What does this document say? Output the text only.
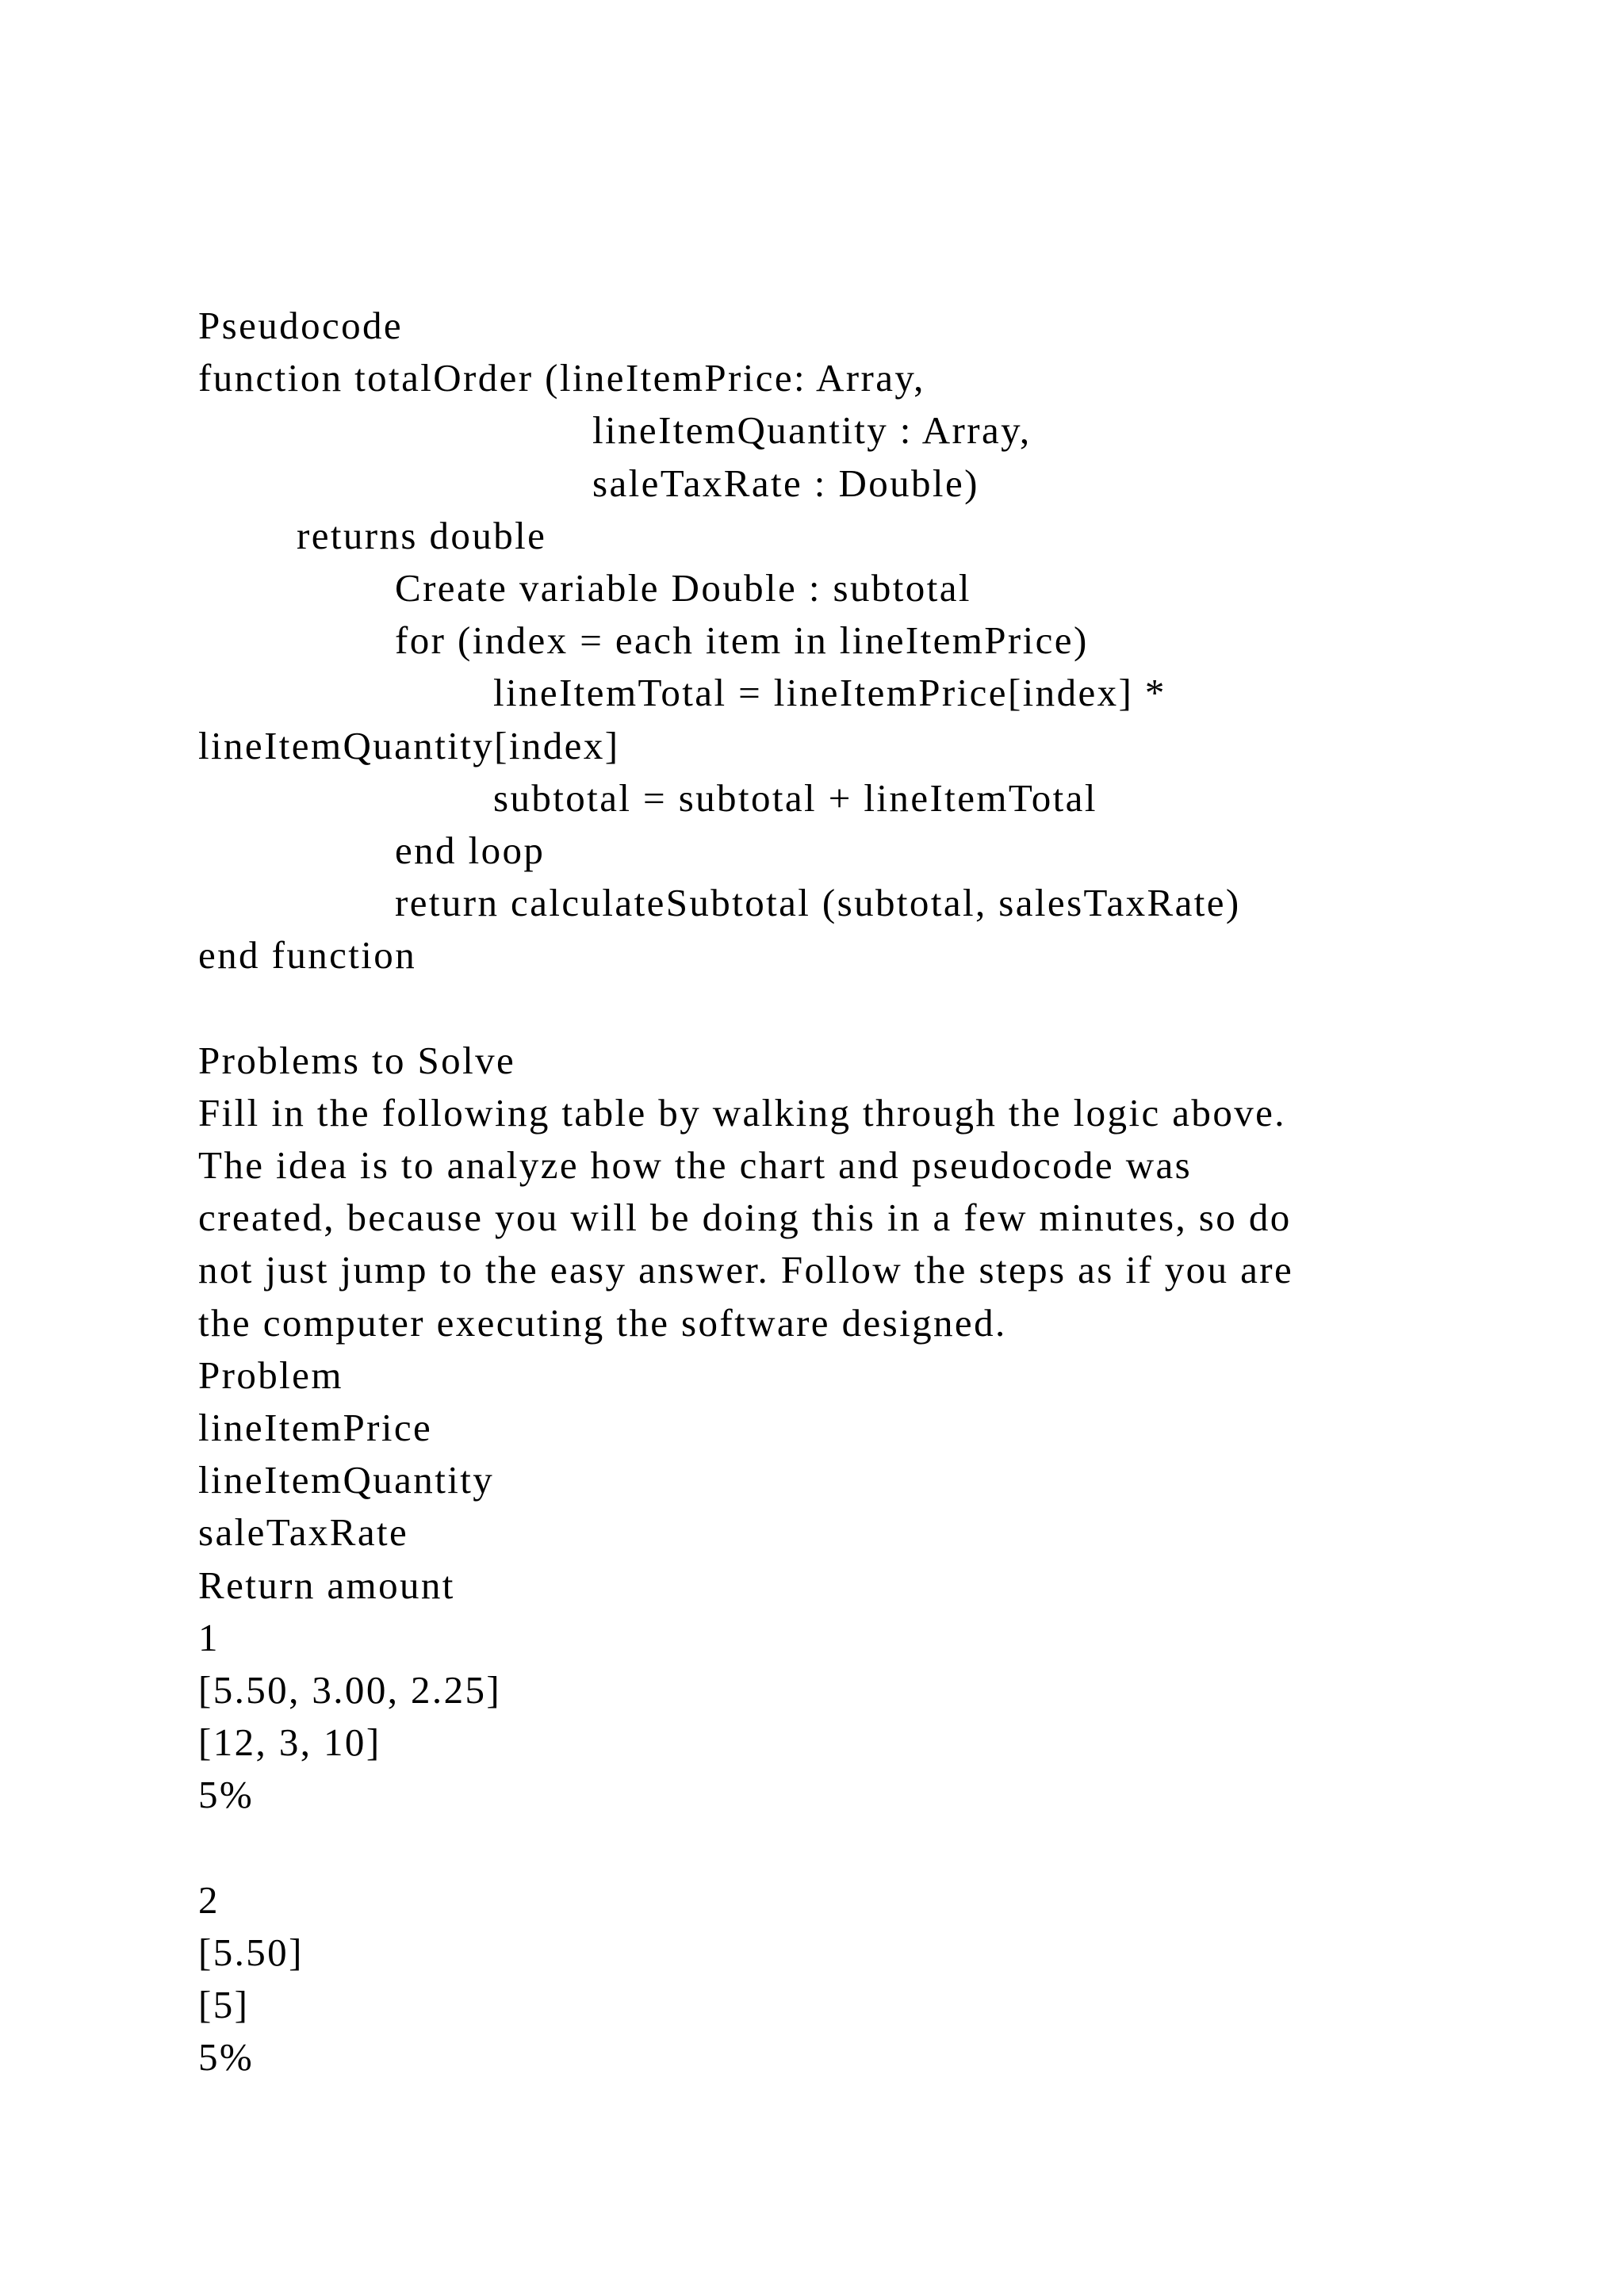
Pseudocode
function totalOrder (lineItemPrice: Array,
lineItemQuantity : Array,
saleTaxRate : Double)
returns double
Create variable Double : subtotal
for (index = each item in lineItemPrice)
lineItemTotal = lineItemPrice[index] *
lineItemQuantity[index]
subtotal = subtotal + lineItemTotal
end loop
return calculateSubtotal (subtotal, salesTaxRate)
end function
Problems to Solve
Fill in the following table by walking through the logic above.
The idea is to analyze how the chart and pseudocode was
created, because you will be doing this in a few minutes, so do
not just jump to the easy answer. Follow the steps as if you are
the computer executing the software designed.
Problem
lineItemPrice
lineItemQuantity
saleTaxRate
Return amount
1
[5.50, 3.00, 2.25]
[12, 3, 10]
5%
2
[5.50]
[5]
5%
